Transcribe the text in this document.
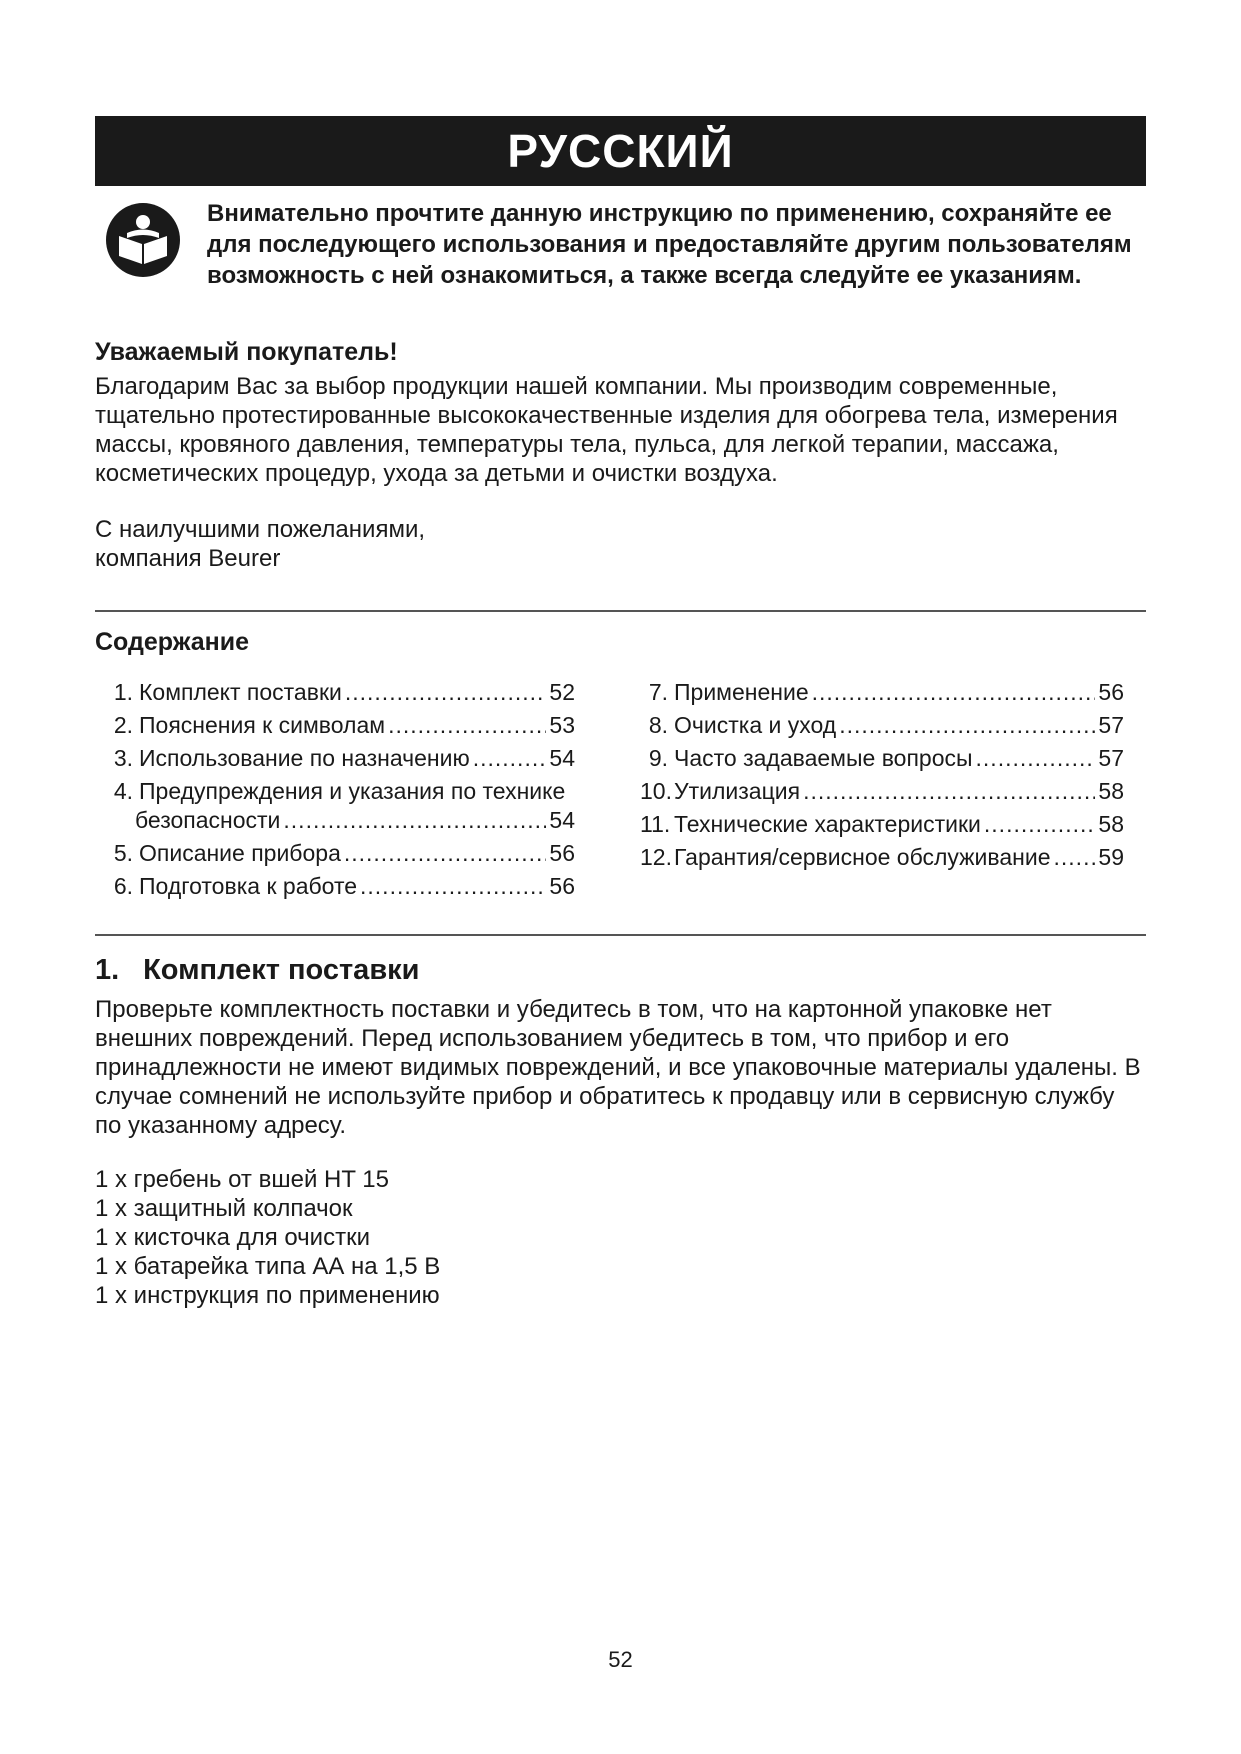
РУССКИЙ
Внимательно прочтите данную инструкцию по применению, сохраняйте ее для последующего использования и предоставляйте другим пользователям возможность с ней ознакомиться, а также всегда следуйте ее указаниям.
Уважаемый покупатель!
Благодарим Вас за выбор продукции нашей компании. Мы производим современные, тщательно протестированные высококачественные изделия для обогрева тела, измерения массы, кровяного давления, температуры тела, пульса, для легкой терапии, массажа, косметических процедур, ухода за детьми и очистки воздуха.
С наилучшими пожеланиями,
компания Beurer
Содержание
1. Комплект поставки .....	52
2. Пояснения к символам .....	53
3. Использование по назначению .....	54
4. Предупреждения и указания по технике
безопасности .....	54
5. Описание прибора .....	56
6. Подготовка к работе .....	56
7. Применение .....	56
8. Очистка и уход .....	57
9. Часто задаваемые вопросы .....	57
10. Утилизация .....	58
11. Технические характеристики .....	58
12. Гарантия/сервисное обслуживание ..... 59
1. Комплект поставки
Проверьте комплектность поставки и убедитесь в том, что на картонной упаковке нет внешних повреждений. Перед использованием убедитесь в том, что прибор и его принадлежности не имеют видимых повреждений, и все упаковочные материалы удалены. В случае сомнений не используйте прибор и обратитесь к продавцу или в сервисную службу по указанному адресу.
1 x гребень от вшей HT 15
1 x защитный колпачок
1 x кисточка для очистки
1 x батарейка типа АА на 1,5 В
1 x инструкция по применению
52
